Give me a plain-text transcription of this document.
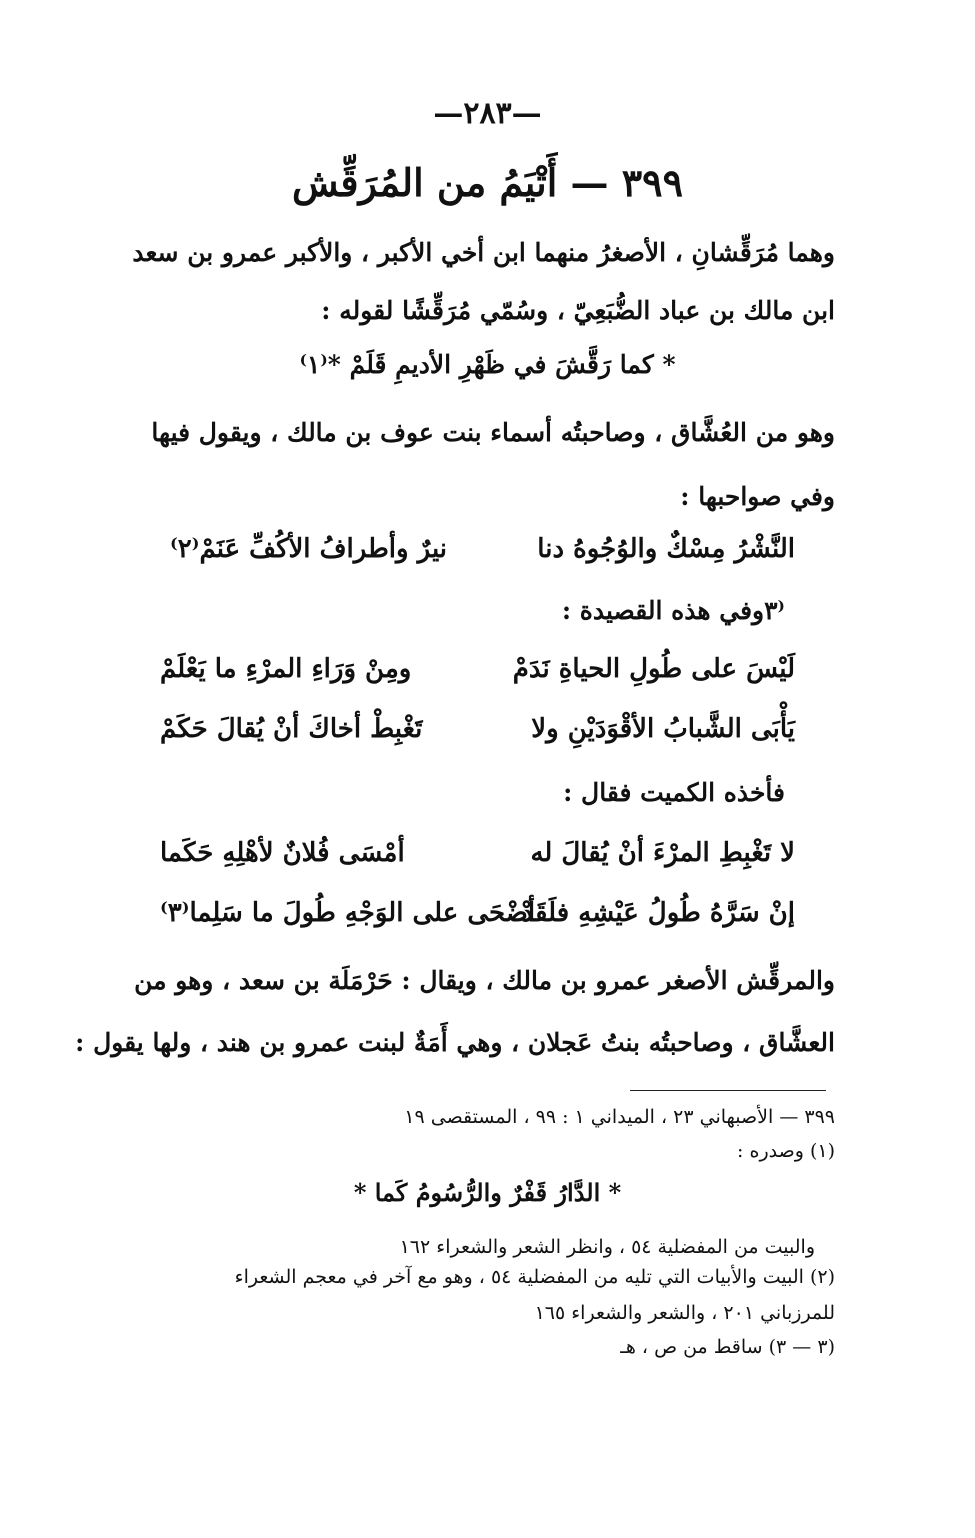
—٢٨٣—
٣٩٩ — أَتْيَمُ من المُرَقِّش
وهما مُرَقِّشانِ ، الأصغرُ منهما ابن أخي الأكبر ، والأكبر عمرو بن سعد
ابن مالك بن عباد الضُّبَعِيّ ، وسُمّي مُرَقِّشًا لقوله :
* كما رَقَّشَ في ظَهْرِ الأديمِ قَلَمْ *⁽١⁾
وهو من العُشَّاق ، وصاحبتُه أسماء بنت عوف بن مالك ، ويقول فيها
وفي صواحبها :
النَّشْرُ مِسْكٌ والوُجُوهُ دنا
نيرٌ وأطرافُ الأكُفِّ عَنَمْ⁽٢⁾
⁽٣وفي هذه القصيدة :
لَيْسَ على طُولِ الحياةِ نَدَمْ
ومِنْ وَرَاءِ المرْءِ ما يَعْلَمْ
يَأْبَى الشَّبابُ الأقْوَدَيْنِ ولا
تَغْبِطْ أخاكَ أنْ يُقالَ حَكَمْ
فأخذه الكميت فقال :
لا تَغْبِطِ المرْءَ أنْ يُقالَ له
أمْسَى فُلانٌ لأهْلِهِ حَكَما
إنْ سَرَّهُ طُولُ عَيْشِهِ فلَقَدْ
أضْحَى على الوَجْهِ طُولَ ما سَلِما⁽٣⁾
والمرقِّش الأصغر عمرو بن مالك ، ويقال : حَرْمَلَة بن سعد ، وهو من
العشَّاق ، وصاحبتُه بنتُ عَجلان ، وهي أَمَةٌ لبنت عمرو بن هند ، ولها يقول :
٣٩٩ — الأصبهاني ٢٣ ، الميداني ١ : ٩٩ ، المستقصى ١٩
(١) وصدره :
* الدَّارُ قَفْرٌ والرُّسُومُ كَما *
والبيت من المفضلية ٥٤ ، وانظر الشعر والشعراء ١٦٢
(٢) البيت والأبيات التي تليه من المفضلية ٥٤ ، وهو مع آخر في معجم الشعراء
للمرزباني ٢٠١ ، والشعر والشعراء ١٦٥
(٣ — ٣) ساقط من ص ، هـ
